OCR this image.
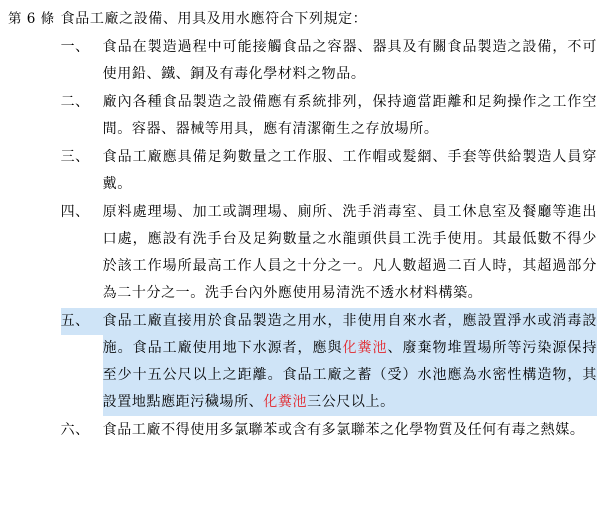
第 6 條 食品工廠之設備、用具及用水應符合下列規定：
一、 食品在製造過程中可能接觸食品之容器、器具及有關食品製造之設備，不可使用鉛、鐵、銅及有毒化學材料之物品。
二、 廠內各種食品製造之設備應有系統排列，保持適當距離和足夠操作之工作空間。容器、器械等用具，應有清潔衛生之存放場所。
三、 食品工廠應具備足夠數量之工作服、工作帽或髮網、手套等供給製造人員穿戴。
四、 原料處理場、加工或調理場、廁所、洗手消毒室、員工休息室及餐廳等進出口處，應設有洗手台及足夠數量之水龍頭供員工洗手使用。其最低數不得少於該工作場所最高工作人員之十分之一。凡人數超過二百人時，其超過部分為二十分之一。洗手台內外應使用易清洗不透水材料構築。
五、 食品工廠直接用於食品製造之用水，非使用自來水者，應設置淨水或消毒設施。食品工廠使用地下水源者，應與化糞池、廢棄物堆置場所等污染源保持至少十五公尺以上之距離。食品工廠之蓄（受）水池應為水密性構造物，其設置地點應距污穢場所、化糞池三公尺以上。
六、 食品工廠不得使用多氯聯苯或含有多氯聯苯之化學物質及任何有毒之熱媒。
